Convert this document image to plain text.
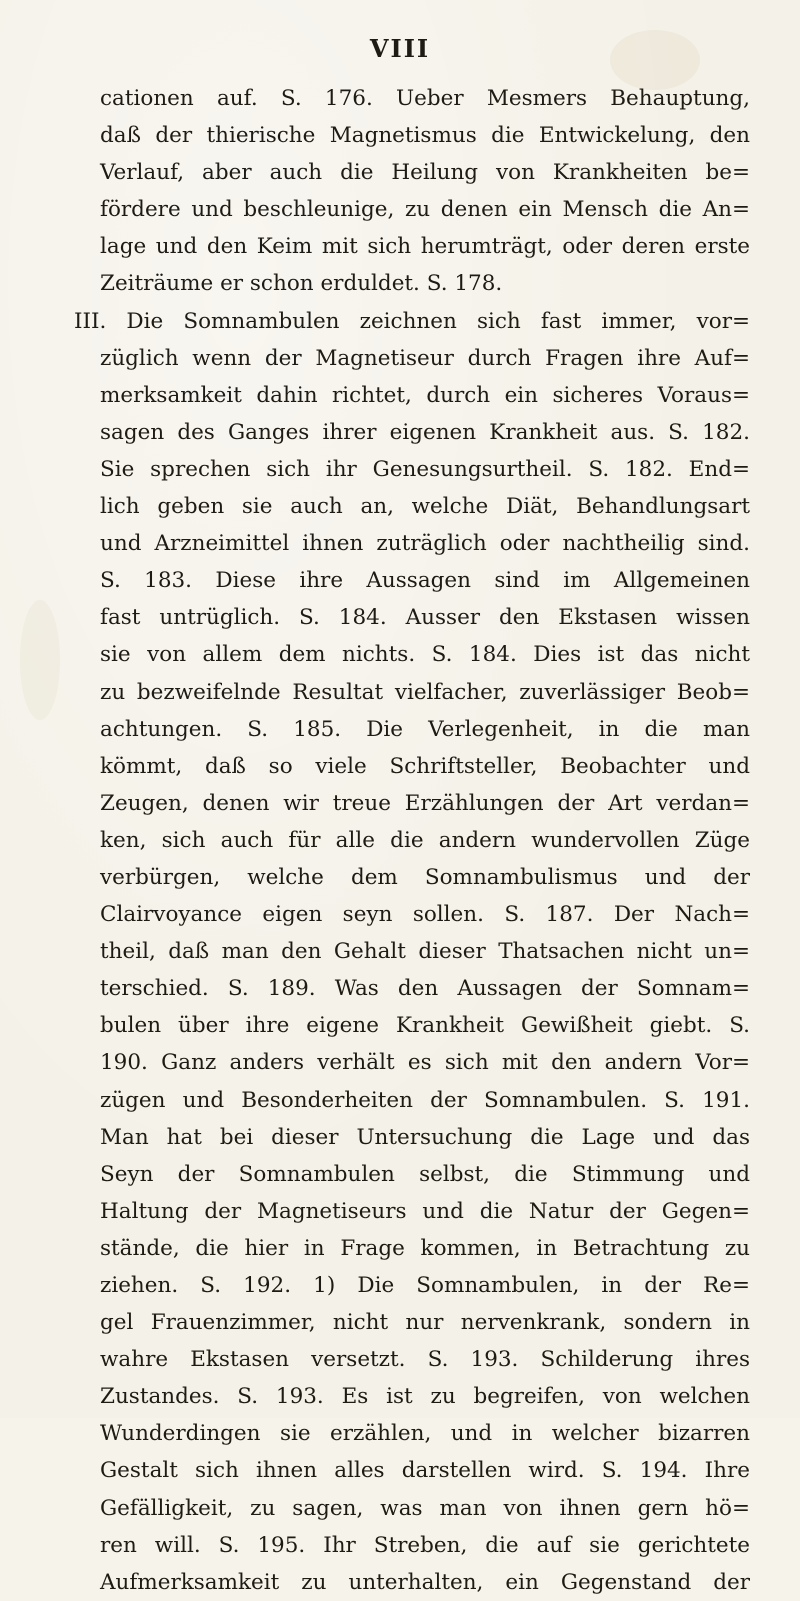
VIII
cationen auf. S. 176. Ueber Mesmers Behauptung,
daß der thierische Magnetismus die Entwickelung, den
Verlauf, aber auch die Heilung von Krankheiten be=
fördere und beschleunige, zu denen ein Mensch die An=
lage und den Keim mit sich herumträgt, oder deren erste
Zeiträume er schon erduldet. S. 178.
III. Die Somnambulen zeichnen sich fast immer, vor=
züglich wenn der Magnetiseur durch Fragen ihre Auf=
merksamkeit dahin richtet, durch ein sicheres Voraus=
sagen des Ganges ihrer eigenen Krankheit aus. S. 182.
Sie sprechen sich ihr Genesungsurtheil. S. 182. End=
lich geben sie auch an, welche Diät, Behandlungsart
und Arzneimittel ihnen zuträglich oder nachtheilig sind.
S. 183. Diese ihre Aussagen sind im Allgemeinen
fast untrüglich. S. 184. Ausser den Ekstasen wissen
sie von allem dem nichts. S. 184. Dies ist das nicht
zu bezweifelnde Resultat vielfacher, zuverlässiger Beob=
achtungen. S. 185. Die Verlegenheit, in die man
kömmt, daß so viele Schriftsteller, Beobachter und
Zeugen, denen wir treue Erzählungen der Art verdan=
ken, sich auch für alle die andern wundervollen Züge
verbürgen, welche dem Somnambulismus und der
Clairvoyance eigen seyn sollen. S. 187. Der Nach=
theil, daß man den Gehalt dieser Thatsachen nicht un=
terschied. S. 189. Was den Aussagen der Somnam=
bulen über ihre eigene Krankheit Gewißheit giebt. S.
190. Ganz anders verhält es sich mit den andern Vor=
zügen und Besonderheiten der Somnambulen. S. 191.
Man hat bei dieser Untersuchung die Lage und das
Seyn der Somnambulen selbst, die Stimmung und
Haltung der Magnetiseurs und die Natur der Gegen=
stände, die hier in Frage kommen, in Betrachtung zu
ziehen. S. 192. 1) Die Somnambulen, in der Re=
gel Frauenzimmer, nicht nur nervenkrank, sondern in
wahre Ekstasen versetzt. S. 193. Schilderung ihres
Zustandes. S. 193. Es ist zu begreifen, von welchen
Wunderdingen sie erzählen, und in welcher bizarren
Gestalt sich ihnen alles darstellen wird. S. 194. Ihre
Gefälligkeit, zu sagen, was man von ihnen gern hö=
ren will. S. 195. Ihr Streben, die auf sie gerichtete
Aufmerksamkeit zu unterhalten, ein Gegenstand der
